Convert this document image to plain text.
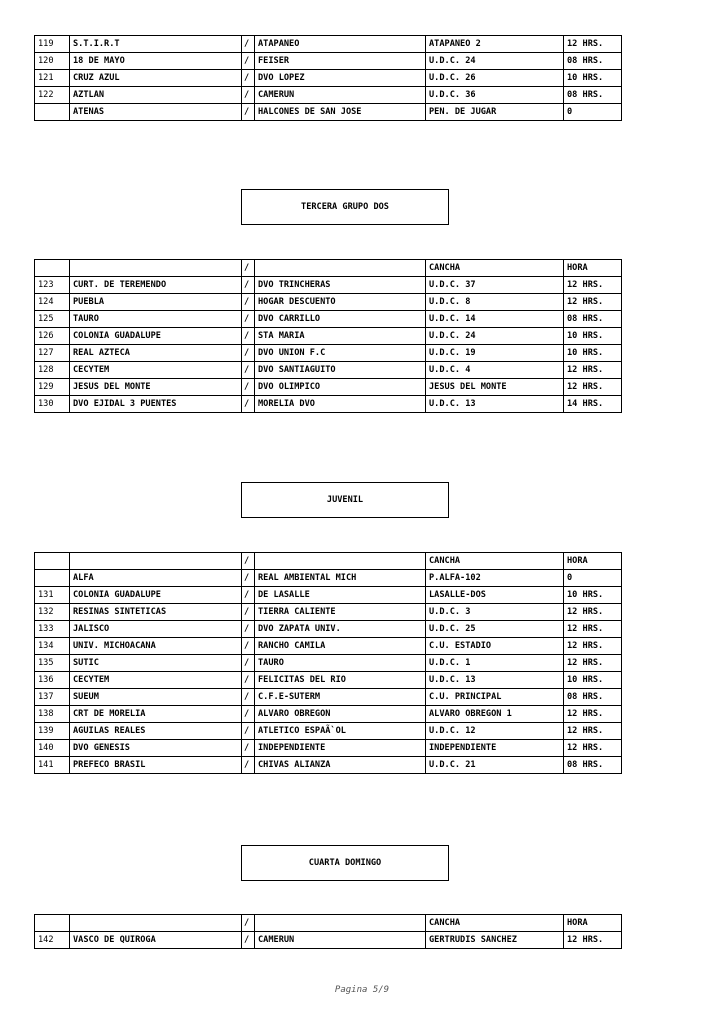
119	S.T.I.R.T	/	ATAPANEO	ATAPANEO 2	12 HRS.
120	18 DE MAYO	/	FEISER	U.D.C. 24	08 HRS.
121	CRUZ AZUL	/	DVO LOPEZ	U.D.C. 26	10 HRS.
122	AZTLAN	/	CAMERUN	U.D.C. 36	08 HRS.
	ATENAS	/	HALCONES DE SAN JOSE	PEN. DE JUGAR	0
TERCERA GRUPO DOS
		/		CANCHA	HORA
123	CURT. DE TEREMENDO	/	DVO TRINCHERAS	U.D.C. 37	12 HRS.
124	PUEBLA	/	HOGAR DESCUENTO	U.D.C. 8	12 HRS.
125	TAURO	/	DVO CARRILLO	U.D.C. 14	08 HRS.
126	COLONIA GUADALUPE	/	STA MARIA	U.D.C. 24	10 HRS.
127	REAL AZTECA	/	DVO UNION F.C	U.D.C. 19	10 HRS.
128	CECYTEM	/	DVO SANTIAGUITO	U.D.C. 4	12 HRS.
129	JESUS DEL MONTE	/	DVO OLIMPICO	JESUS DEL MONTE	12 HRS.
130	DVO EJIDAL 3 PUENTES	/	MORELIA DVO	U.D.C. 13	14 HRS.
JUVENIL
		/		CANCHA	HORA
	ALFA	/	REAL AMBIENTAL MICH	P.ALFA-102	0
131	COLONIA GUADALUPE	/	DE LASALLE	LASALLE-DOS	10 HRS.
132	RESINAS SINTETICAS	/	TIERRA CALIENTE	U.D.C. 3	12 HRS.
133	JALISCO	/	DVO ZAPATA UNIV.	U.D.C. 25	12 HRS.
134	UNIV. MICHOACANA	/	RANCHO CAMILA	C.U. ESTADIO	12 HRS.
135	SUTIC	/	TAURO	U.D.C. 1	12 HRS.
136	CECYTEM	/	FELICITAS DEL RIO	U.D.C. 13	10 HRS.
137	SUEUM	/	C.F.E-SUTERM	C.U. PRINCIPAL	08 HRS.
138	CRT DE MORELIA	/	ALVARO OBREGON	ALVARO OBREGON 1	12 HRS.
139	AGUILAS REALES	/	ATLETICO ESPAÃ`OL	U.D.C. 12	12 HRS.
140	DVO GENESIS	/	INDEPENDIENTE	INDEPENDIENTE	12 HRS.
141	PREFECO BRASIL	/	CHIVAS ALIANZA	U.D.C. 21	08 HRS.
CUARTA DOMINGO
		/		CANCHA	HORA
142	VASCO DE QUIROGA	/	CAMERUN	GERTRUDIS SANCHEZ	12 HRS.
Pagina 5/9
